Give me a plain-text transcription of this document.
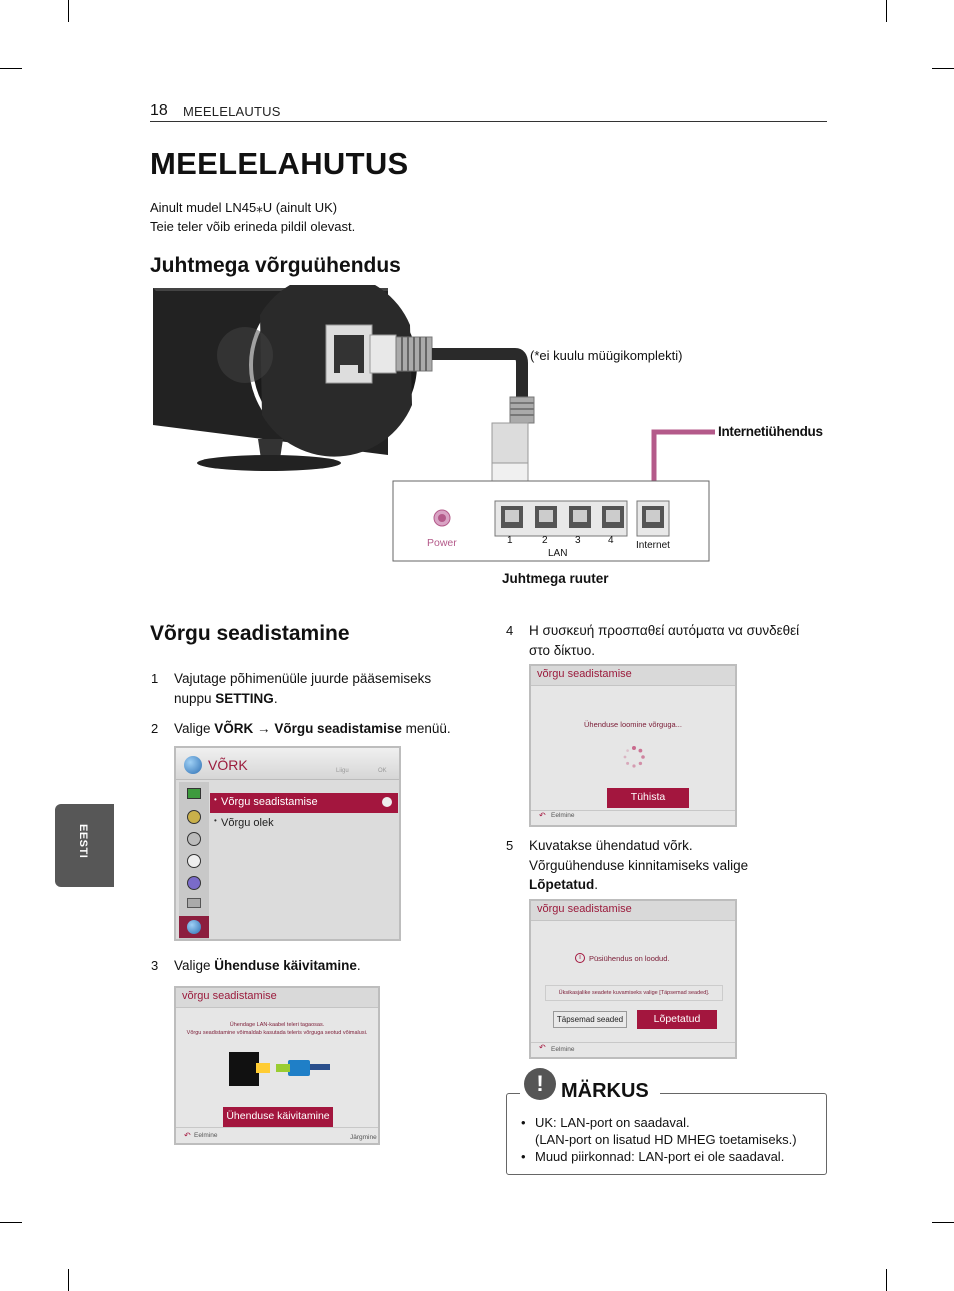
18 MEELELAUTUS
MEELELAHUTUS
Ainult mudel LN45⁎U (ainult UK)
Teie teler võib erineda pildil olevast.
Juhtmega võrguühendus
(*ei kuulu müügikomplekti)
Internetiühendus
Power	1	2	3	4
LAN
Internet
Juhtmega ruuter
Võrgu seadistamine
1 Vajutage põhimenüüle juurde pääsemiseks
nuppu SETTING.
2 Valige VÕRK → Võrgu seadistamise menüü.
VÕRK	Liigu	OK
• Võrgu seadistamise
• Võrgu olek
3 Valige Ühenduse käivitamine.
võrgu seadistamise
Ühendage LAN-kaabel teleri tagaosas.
Võrgu seadistamine võimaldab kasutada teleris võrguga seotud võimalusi.
Ühenduse käivitamine
↶ Eelmine	Järgmine
EESTI
4 Η συσκευή προσπαθεί αυτόματα να συνδεθεί
στο δίκτυο.
võrgu seadistamise
Ühenduse loomine võrguga...
Tühista
↶ Eelmine
5 Kuvatakse ühendatud võrk.
Võrguühenduse kinnitamiseks valige
Lõpetatud.
võrgu seadistamise
i	Püsiühendus on loodud.
Üksikasjalike seadete kuvamiseks valige [Täpsemad seaded].
Täpsemad seaded	Lõpetatud
↶ Eelmine
• UK: LAN-port on saadaval.
(LAN-port on lisatud HD MHEG toetamiseks.)
• Muud piirkonnad: LAN-port ei ole saadaval.
! MÄRKUS
